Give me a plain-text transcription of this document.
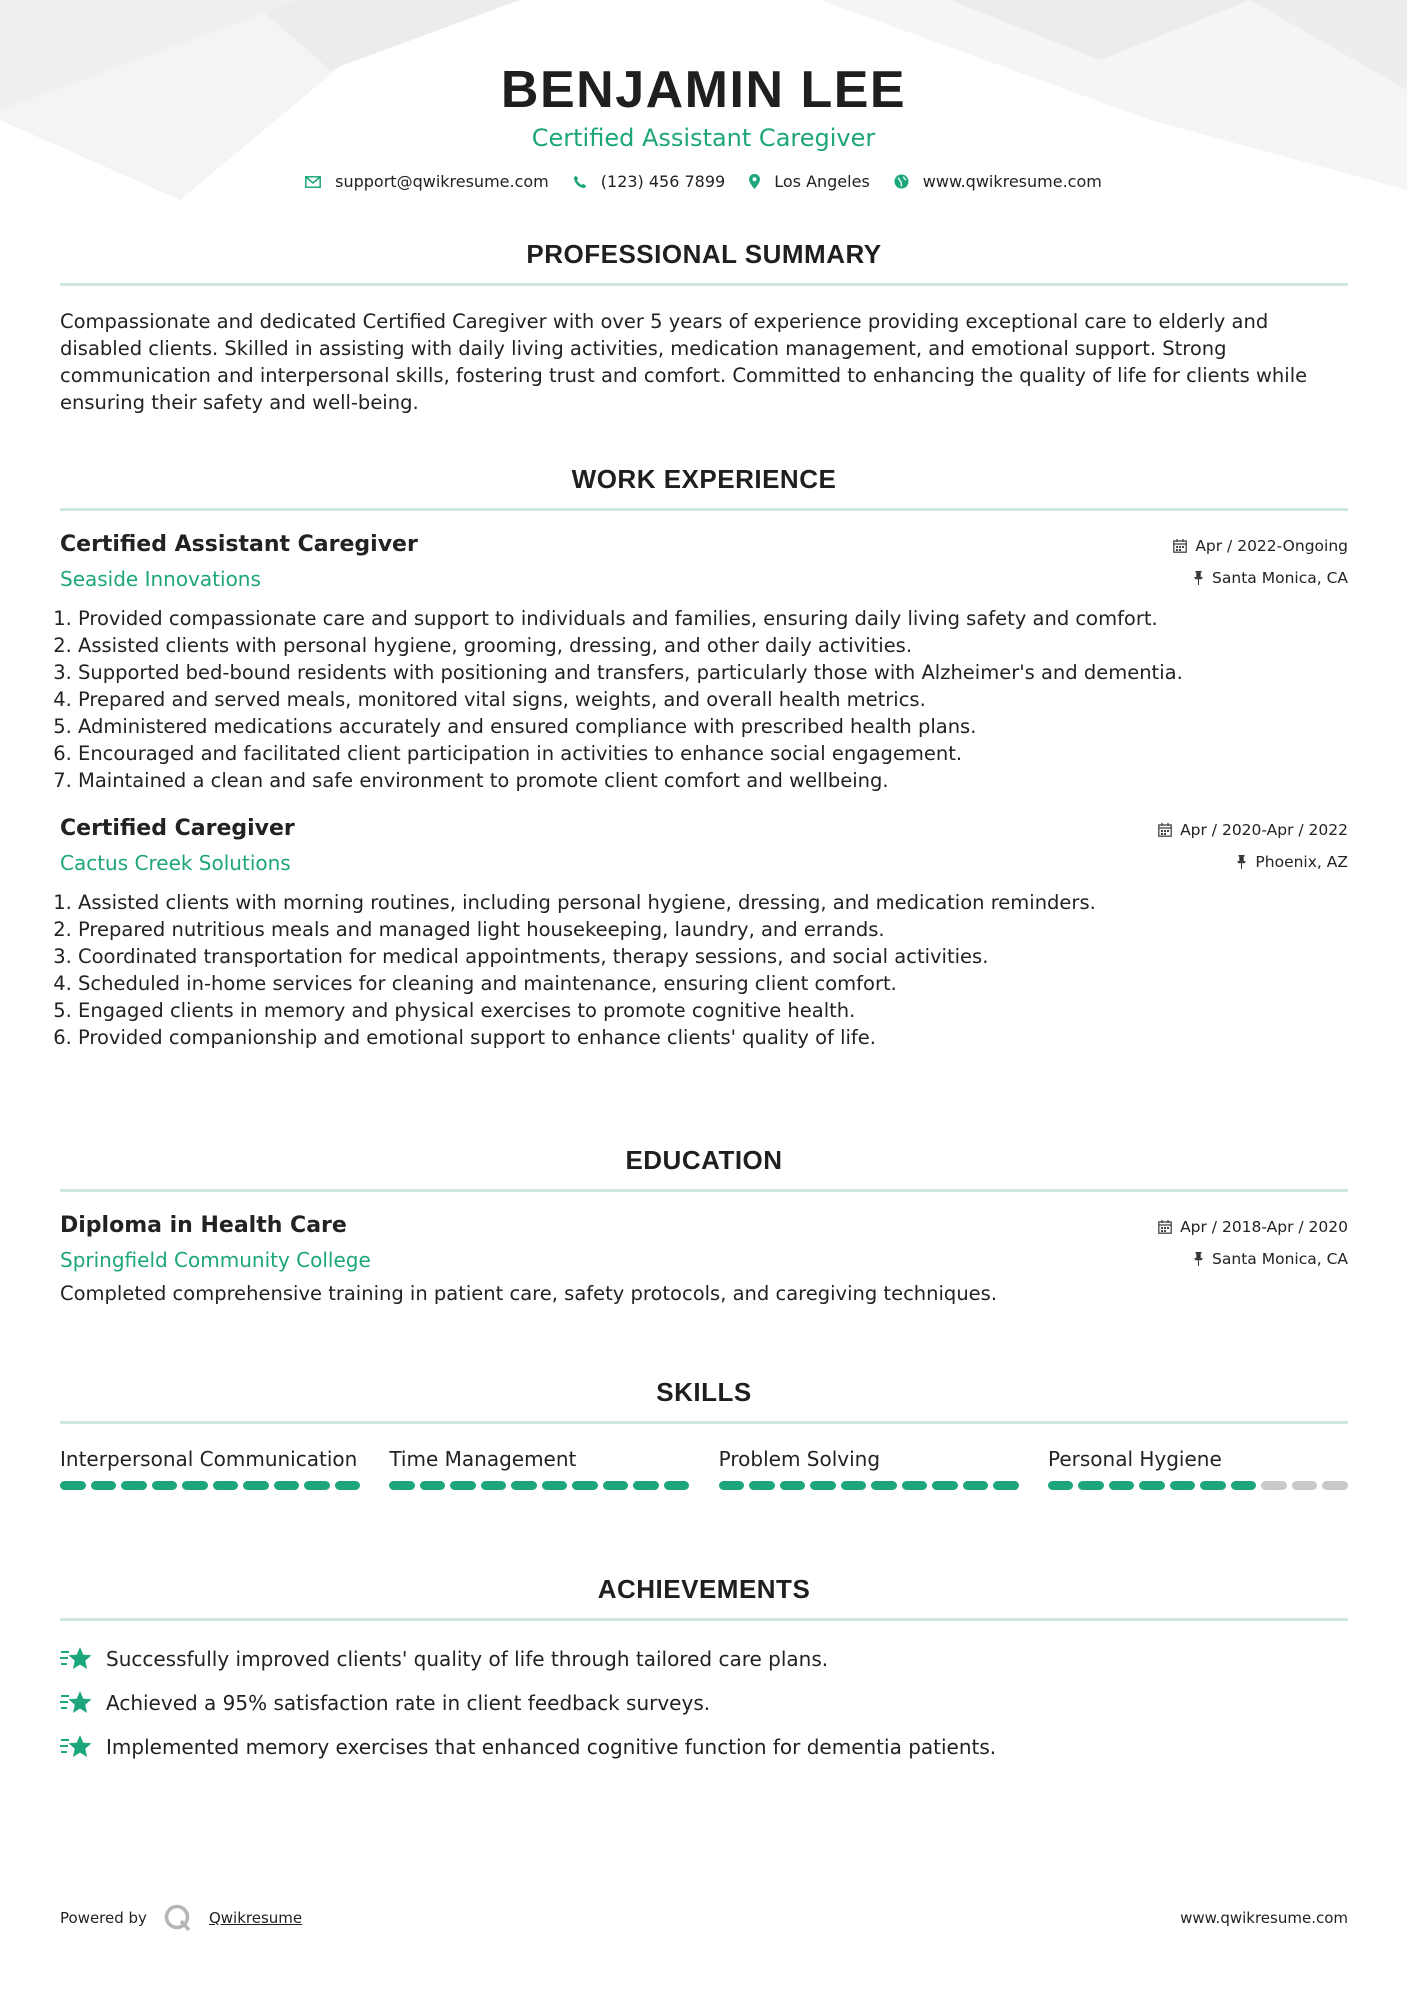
BENJAMIN LEE
Certified Assistant Caregiver
support@qwikresume.com	(123) 456 7899	Los Angeles	www.qwikresume.com
PROFESSIONAL SUMMARY
Compassionate and dedicated Certified Caregiver with over 5 years of experience providing exceptional care to elderly and disabled clients. Skilled in assisting with daily living activities, medication management, and emotional support. Strong communication and interpersonal skills, fostering trust and comfort. Committed to enhancing the quality of life for clients while ensuring their safety and well-being.
WORK EXPERIENCE
Certified Assistant Caregiver
Seaside Innovations
Apr / 2022-Ongoing
Santa Monica, CA
1. Provided compassionate care and support to individuals and families, ensuring daily living safety and comfort.
2. Assisted clients with personal hygiene, grooming, dressing, and other daily activities.
3. Supported bed-bound residents with positioning and transfers, particularly those with Alzheimer's and dementia.
4. Prepared and served meals, monitored vital signs, weights, and overall health metrics.
5. Administered medications accurately and ensured compliance with prescribed health plans.
6. Encouraged and facilitated client participation in activities to enhance social engagement.
7. Maintained a clean and safe environment to promote client comfort and wellbeing.
Certified Caregiver
Cactus Creek Solutions
Apr / 2020-Apr / 2022
Phoenix, AZ
1. Assisted clients with morning routines, including personal hygiene, dressing, and medication reminders.
2. Prepared nutritious meals and managed light housekeeping, laundry, and errands.
3. Coordinated transportation for medical appointments, therapy sessions, and social activities.
4. Scheduled in-home services for cleaning and maintenance, ensuring client comfort.
5. Engaged clients in memory and physical exercises to promote cognitive health.
6. Provided companionship and emotional support to enhance clients' quality of life.
EDUCATION
Diploma in Health Care
Springfield Community College
Apr / 2018-Apr / 2020
Santa Monica, CA
Completed comprehensive training in patient care, safety protocols, and caregiving techniques.
SKILLS
Interpersonal Communication Time Management	Problem Solving	Personal Hygiene
ACHIEVEMENTS
Successfully improved clients' quality of life through tailored care plans.
Achieved a 95% satisfaction rate in client feedback surveys.
Implemented memory exercises that enhanced cognitive function for dementia patients.
Powered by	Qwikresume	www.qwikresume.com
